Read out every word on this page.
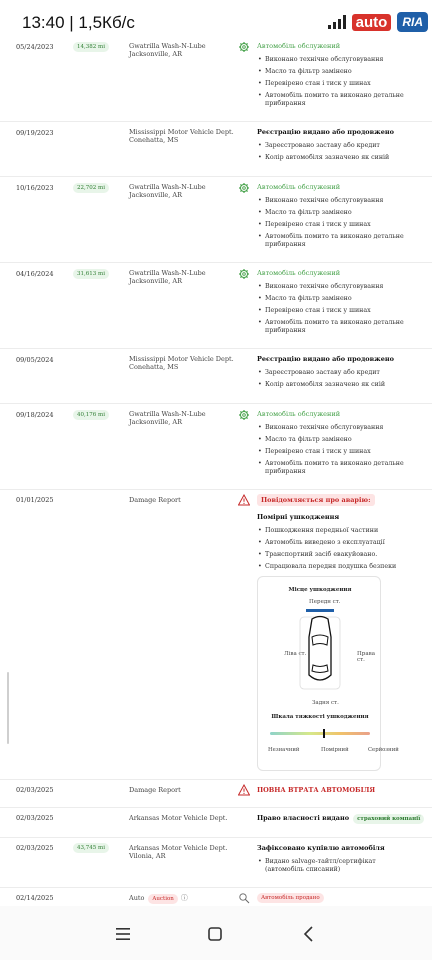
13:40 | 1,5Кб/с	auto	RIA
05/24/2023	14,382 mi	Gwatrilla Wash-N-Lube Jacksonville, AR
Автомобіль обслужений
• Виконано технічне обслуговування
• Масло та фільтр замінено
• Перевірено стан і тиск у шинах
• Автомобіль помито та виконано детальне прибирання
09/19/2023	Mississippi Motor Vehicle Dept. Conehatta, MS
Реєстрацію видано або продовжено
• Зареєстровано заставу або кредит
• Колір автомобіля зазначено як синій
10/16/2023	22,702 mi	Gwatrilla Wash-N-Lube Jacksonville, AR
Автомобіль обслужений
• Виконано технічне обслуговування
• Масло та фільтр замінено
• Перевірено стан і тиск у шинах
• Автомобіль помито та виконано детальне прибирання
04/16/2024	31,613 mi	Gwatrilla Wash-N-Lube Jacksonville, AR
Автомобіль обслужений
• Виконано технічне обслуговування
• Масло та фільтр замінено
• Перевірено стан і тиск у шинах
• Автомобіль помито та виконано детальне прибирання
09/05/2024	Mississippi Motor Vehicle Dept. Conehatta, MS
Реєстрацію видано або продовжено
• Зареєстровано заставу або кредит
• Колір автомобіля зазначено як сиій
09/18/2024	40,176 mi	Gwatrilla Wash-N-Lube Jacksonville, AR
Автомобіль обслужений
• Виконано технічне обслуговування
• Масло та фільтр замінено
• Перевірено стан і тиск у шинах
• Автомобіль помито та виконано детальне прибирання
01/01/2025	Damage Report	Повідомляється про аварію:
Помірні ушкодження
• Пошкодження передньої частини
• Автомобіль виведено з експлуатації
• Транспортний засіб евакуйовано.
• Спрацювала передня подушка безпеки
Місце ушкодження
Передн ст.
Ліва ст.	Права ст.
Задня ст.
Шкала тяжкості ушкодження
Незначний	Помірний	Серйозний
02/03/2025	Damage Report	ПОВНА ВТРАТА АВТОМОБІЛЯ
02/03/2025	Arkansas Motor Vehicle Dept.	Право власності видано страховий компанії
02/03/2025	43,745 mi	Arkansas Motor Vehicle Dept. Vilonia, AR
Зафіксовано купівлю автомобіля
• Видано salvage-тайтл/сертифікат (автомобіль списаний)
02/14/2025	Auto Auction ⓘ	Автомобіль продано
